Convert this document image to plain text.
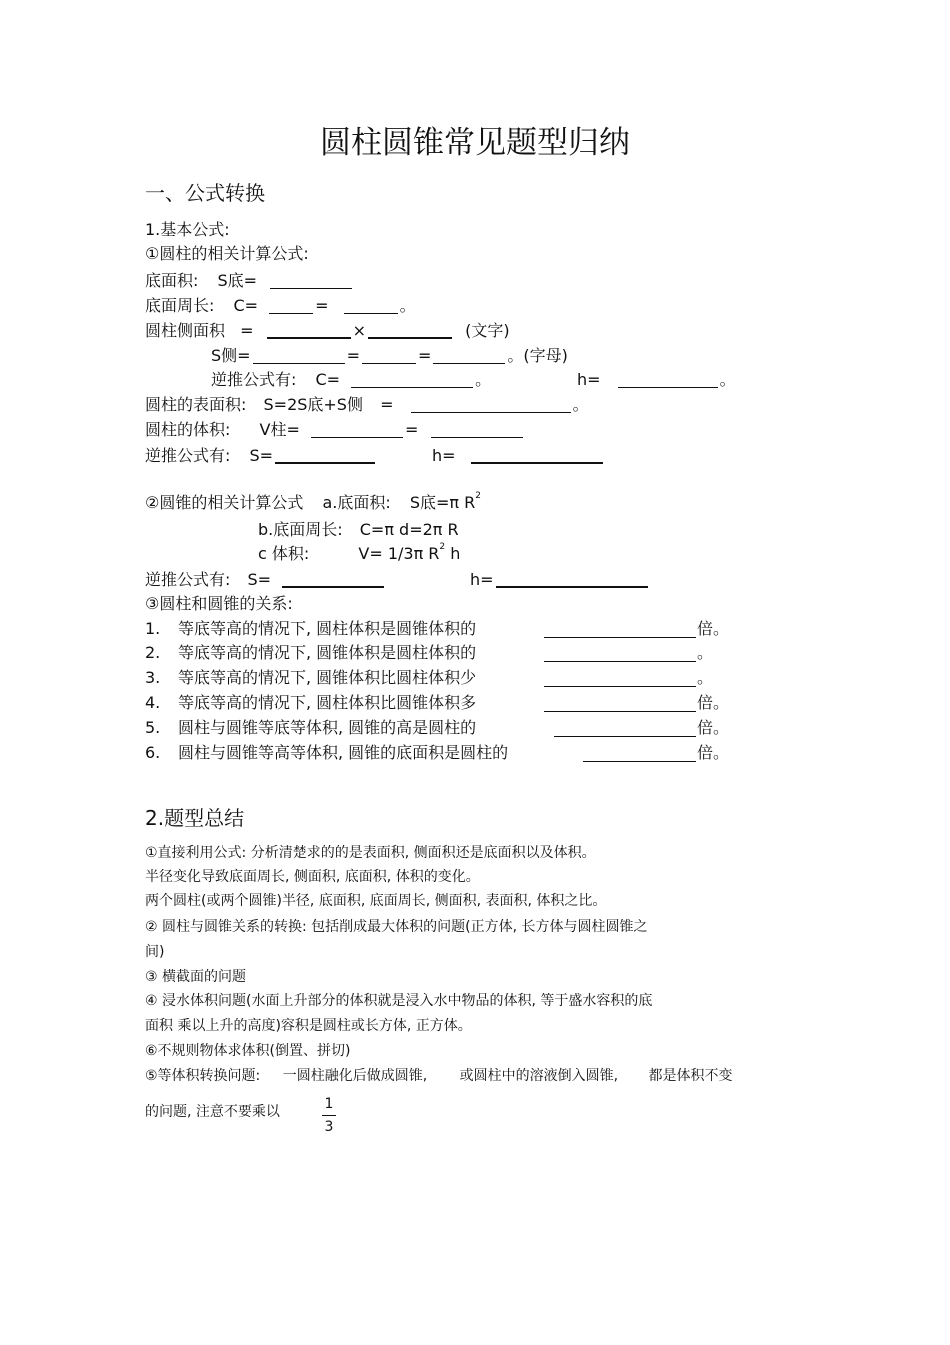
圆柱圆锥常见题型归纳
一、公式转换
1.基本公式:
①圆柱的相关计算公式:
底面积: S底=
底面周长: C=	=	。
圆柱侧面积 =	×	(文字)
S侧=	=	=	。(字母)
逆推公式有: C=	。	h=	。
圆柱的表面积: S=2S底+S侧 =	。
圆柱的体积: V柱=	=
逆推公式有: S=	h=
②圆锥的相关计算公式 a.底面积: S底=π $R^2$
b.底面周长: C=π d=2π R
c 体积:	V= 1/3π $R^2$ h
逆推公式有: S=	h=
③圆柱和圆锥的关系:
1. 等底等高的情况下, 圆柱体积是圆锥体积的	倍。
2. 等底等高的情况下, 圆锥体积是圆柱体积的	。
3. 等底等高的情况下, 圆锥体积比圆柱体积少	。
4. 等底等高的情况下, 圆柱体积比圆锥体积多	倍。
5. 圆柱与圆锥等底等体积, 圆锥的高是圆柱的	倍。
6. 圆柱与圆锥等高等体积, 圆锥的底面积是圆柱的	倍。
2.题型总结
①直接利用公式: 分析清楚求的的是表面积, 侧面积还是底面积以及体积。
半径变化导致底面周长, 侧面积, 底面积, 体积的变化。
两个圆柱(或两个圆锥)半径, 底面积, 底面周长, 侧面积, 表面积, 体积之比。
② 圆柱与圆锥关系的转换: 包括削成最大体积的问题(正方体, 长方体与圆柱圆锥之
间)
③ 横截面的问题
④ 浸水体积问题(水面上升部分的体积就是浸入水中物品的体积, 等于盛水容积的底
面积 乘以上升的高度)容积是圆柱或长方体, 正方体。
⑥不规则物体求体积(倒置、拼切)
⑤等体积转换问题: 一圆柱融化后做成圆锥, 或圆柱中的溶液倒入圆锥, 都是体积不变
的问题, 注意不要乘以	1
3
